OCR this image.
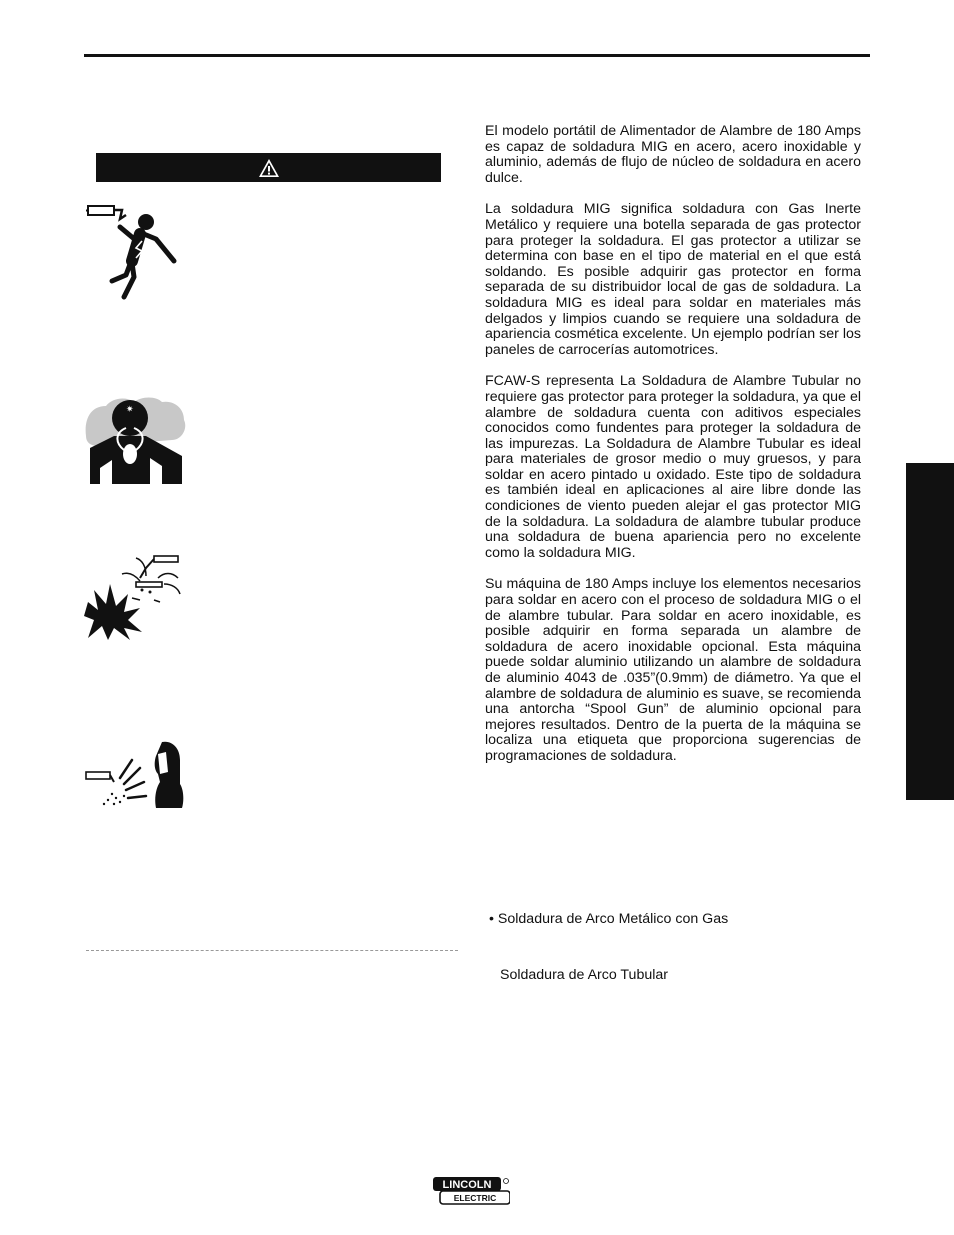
✷

El modelo portátil de Alimentador de Alambre de 180 Amps es capaz de soldadura MIG en acero, acero inoxidable y aluminio, además de flujo de núcleo de soldadura en acero dulce.

La soldadura MIG significa soldadura con Gas Inerte Metálico y requiere una botella separada de gas protector para proteger la soldadura. El gas protector a utilizar se determina con base en el tipo de material en el que está soldando. Es posible adquirir gas protector en forma separada de su distribuidor local de gas de soldadura. La soldadura MIG es ideal para soldar en materiales más delgados y limpios cuando se requiere una soldadura de apariencia cosmética excelente. Un ejemplo podrían ser los paneles de carrocerías automotrices.

FCAW-S representa La Soldadura de Alambre Tubular no requiere gas protector para proteger la soldadura, ya que el alambre de soldadura cuenta con aditivos especiales conocidos como fundentes para proteger la soldadura de las impurezas. La Soldadura de Alambre Tubular es ideal para materiales de grosor medio o muy gruesos, y para soldar en acero pintado u oxidado. Este tipo de soldadura es también ideal en aplicaciones al aire libre donde las condiciones de viento pueden alejar el gas protector MIG de la soldadura. La soldadura de alambre tubular produce una soldadura de buena apariencia pero no excelente como la soldadura MIG.

Su máquina de 180 Amps incluye los elementos necesarios para soldar en acero con el proceso de soldadura MIG o el de alambre tubular. Para soldar en acero inoxidable, es posible adquirir en forma separada un alambre de soldadura de acero inoxidable opcional. Esta máquina puede soldar aluminio utilizando un alambre de soldadura de aluminio 4043 de .035”(0.9mm) de diámetro. Ya que el alambre de soldadura de aluminio es suave, se recomienda una antorcha “Spool Gun” de aluminio opcional para mejores resultados. Dentro de la puerta de la máquina se localiza una etiqueta que proporciona sugerencias de programaciones de soldadura.

• Soldadura de Arco Metálico con Gas
Soldadura de Arco Tubular
LINCOLN
ELECTRIC
